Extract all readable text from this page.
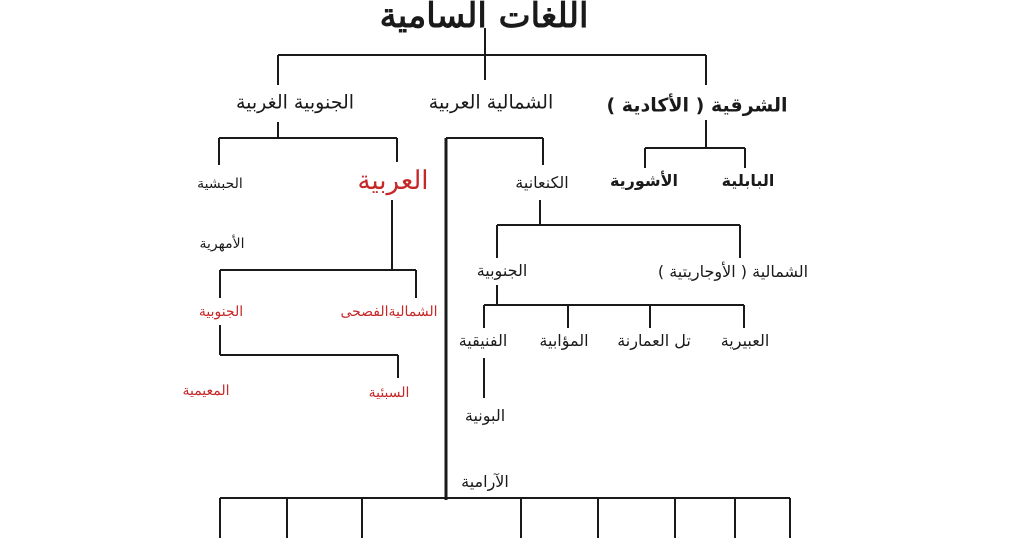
اللغات السامية
الشرقية ( الأكادية )
الشمالية العربية
الجنوبية الغربية
البابلية
الأشورية
الكنعانية
الشمالية ( الأوجاريتية )
الجنوبية
العبيرية
تل العمارنة
المؤابية
الفنيقية
البونية
الآرامية
العربية
الحبشية
الأمهرية
الشماليةالفصحى
الجنوبية
السبئية
المعيمية
